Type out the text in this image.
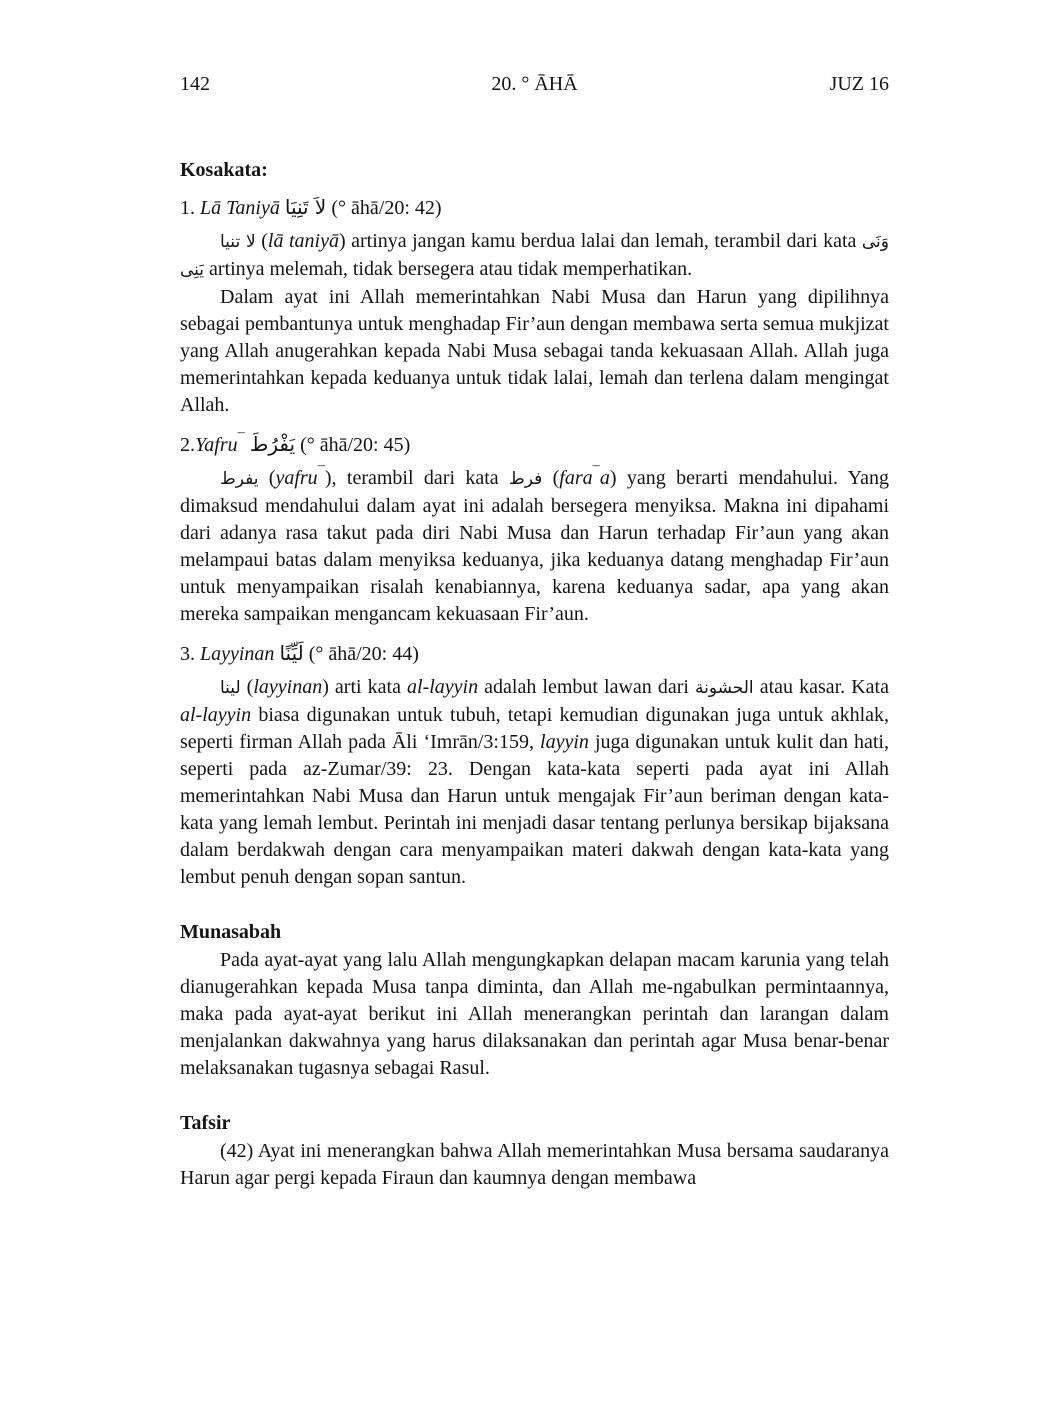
142	20. ° ĀHĀ	JUZ 16
Kosakata:
1. Lā Taniyā لاَ تَنِيَا (° āhā/20: 42)

لا تنيا (lā taniyā) artinya jangan kamu berdua lalai dan lemah, terambil dari kata وَنَى يَنِى artinya melemah, tidak bersegera atau tidak memperhatikan.

Dalam ayat ini Allah memerintahkan Nabi Musa dan Harun yang dipilihnya sebagai pembantunya untuk menghadap Fir’aun dengan membawa serta semua mukjizat yang Allah anugerahkan kepada Nabi Musa sebagai tanda kekuasaan Allah. Allah juga memerintahkan kepada keduanya untuk tidak lalai, lemah dan terlena dalam mengingat Allah.

2.Yafru¯ يَفْرُطَ (° āhā/20: 45)

يفرط (yafru¯), terambil dari kata فرط (fara¯a) yang berarti mendahului. Yang dimaksud mendahului dalam ayat ini adalah bersegera menyiksa. Makna ini dipahami dari adanya rasa takut pada diri Nabi Musa dan Harun terhadap Fir’aun yang akan melampaui batas dalam menyiksa keduanya, jika keduanya datang menghadap Fir’aun untuk menyampaikan risalah kenabiannya, karena keduanya sadar, apa yang akan mereka sampaikan mengancam kekuasaan Fir’aun.

3. Layyinan لَيِّنًا (° āhā/20: 44)

لينا (layyinan) arti kata al-layyin adalah lembut lawan dari الحشونة atau kasar. Kata al-layyin biasa digunakan untuk tubuh, tetapi kemudian digunakan juga untuk akhlak, seperti firman Allah pada Āli ‘Imrān/3:159, layyin juga digunakan untuk kulit dan hati, seperti pada az-Zumar/39: 23. Dengan kata-kata seperti pada ayat ini Allah memerintahkan Nabi Musa dan Harun untuk mengajak Fir’aun beriman dengan kata-kata yang lemah lembut. Perintah ini menjadi dasar tentang perlunya bersikap bijaksana dalam berdakwah dengan cara menyampaikan materi dakwah dengan kata-kata yang lembut penuh dengan sopan santun.

Munasabah

Pada ayat-ayat yang lalu Allah mengungkapkan delapan macam karunia yang telah dianugerahkan kepada Musa tanpa diminta, dan Allah me-ngabulkan permintaannya, maka pada ayat-ayat berikut ini Allah menerangkan perintah dan larangan dalam menjalankan dakwahnya yang harus dilaksanakan dan perintah agar Musa benar-benar melaksanakan tugasnya sebagai Rasul.

Tafsir

(42) Ayat ini menerangkan bahwa Allah memerintahkan Musa bersama saudaranya Harun agar pergi kepada Firaun dan kaumnya dengan membawa
